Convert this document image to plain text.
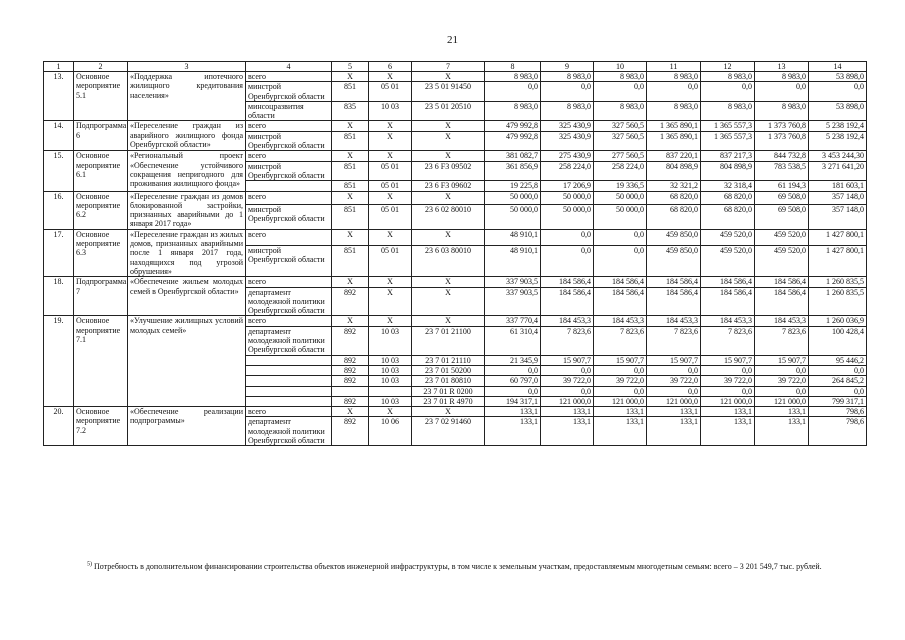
21
1	2	3	4	5	6	7	8	9	10	11	12	13	14
13.	Основное мероприятие 5.1	«Поддержка ипотечного жилищного кредитования населения»	всего	Х	Х	Х	8 983,0	8 983,0	8 983,0	8 983,0	8 983,0	8 983,0	53 898,0
			минстрой Оренбургской области	851	05 01	23 5 01 91450	0,0	0,0	0,0	0,0	0,0	0,0	0,0
			минсоцразвития области	835	10 03	23 5 01 20510	8 983,0	8 983,0	8 983,0	8 983,0	8 983,0	8 983,0	53 898,0
14.	Подпрограмма 6	«Переселение граждан из аварийного жилищного фонда Оренбургской области»	всего	Х	Х	Х	479 992,8	325 430,9	327 560,5	1 365 890,1	1 365 557,3	1 373 760,8	5 238 192,4
			минстрой Оренбургской области	851	Х	Х	479 992,8	325 430,9	327 560,5	1 365 890,1	1 365 557,3	1 373 760,8	5 238 192,4
15.	Основное мероприятие 6.1	«Региональный проект «Обеспечение устойчивого сокращения непригодного для проживания жилищного фонда»	всего	Х	Х	Х	381 082,7	275 430,9	277 560,5	837 220,1	837 217,3	844 732,8	3 453 244,30
			минстрой Оренбургской области	851	05 01	23 6 F3 09502	361 856,9	258 224,0	258 224,0	804 898,9	804 898,9	783 538,5	3 271 641,20
				851	05 01	23 6 F3 09602	19 225,8	17 206,9	19 336,5	32 321,2	32 318,4	61 194,3	181 603,1
16.	Основное мероприятие 6.2	«Переселение граждан из домов блокированной застройки, признанных аварийными до 1 января 2017 года»	всего	Х	Х	Х	50 000,0	50 000,0	50 000,0	68 820,0	68 820,0	69 508,0	357 148,0
			минстрой Оренбургской области	851	05 01	23 6 02 80010	50 000,0	50 000,0	50 000,0	68 820,0	68 820,0	69 508,0	357 148,0
17.	Основное мероприятие 6.3	«Переселение граждан из жилых домов, признанных аварийными после 1 января 2017 года, находящихся под угрозой обрушения»	всего	Х	Х	Х	48 910,1	0,0	0,0	459 850,0	459 520,0	459 520,0	1 427 800,1
			минстрой Оренбургской области	851	05 01	23 6 03 80010	48 910,1	0,0	0,0	459 850,0	459 520,0	459 520,0	1 427 800,1
18.	Подпрограмма 7	«Обеспечение жильем молодых семей в Оренбургской области»	всего	Х	Х	Х	337 903,5	184 586,4	184 586,4	184 586,4	184 586,4	184 586,4	1 260 835,5
			департамент молодежной политики Оренбургской области	892	Х	Х	337 903,5	184 586,4	184 586,4	184 586,4	184 586,4	184 586,4	1 260 835,5
19.	Основное мероприятие 7.1	«Улучшение жилищных условий молодых семей»	всего	Х	Х	Х	337 770,4	184 453,3	184 453,3	184 453,3	184 453,3	184 453,3	1 260 036,9
			департамент молодежной политики Оренбургской области	892	10 03	23 7 01 21100	61 310,4	7 823,6	7 823,6	7 823,6	7 823,6	7 823,6	100 428,4
				892	10 03	23 7 01 21110	21 345,9	15 907,7	15 907,7	15 907,7	15 907,7	15 907,7	95 446,2
				892	10 03	23 7 01 50200	0,0	0,0	0,0	0,0	0,0	0,0	0,0
				892	10 03	23 7 01 80810	60 797,0	39 722,0	39 722,0	39 722,0	39 722,0	39 722,0	264 845,2
						23 7 01 R 0200	0,0	0,0	0,0	0,0	0,0	0,0	0,0
				892	10 03	23 7 01 R 4970	194 317,1	121 000,0	121 000,0	121 000,0	121 000,0	121 000,0	799 317,1
20.	Основное мероприятие 7.2	«Обеспечение реализации подпрограммы»	всего	Х	Х	Х	133,1	133,1	133,1	133,1	133,1	133,1	798,6
			департамент молодежной политики Оренбургской области	892	10 06	23 7 02 91460	133,1	133,1	133,1	133,1	133,1	133,1	798,6
$^{5)}$ Потребность в дополнительном финансировании строительства объектов инженерной инфраструктуры, в том числе к земельным участкам, предоставляемым многодетным семьям: всего – 3 201 549,7 тыс. рублей.
